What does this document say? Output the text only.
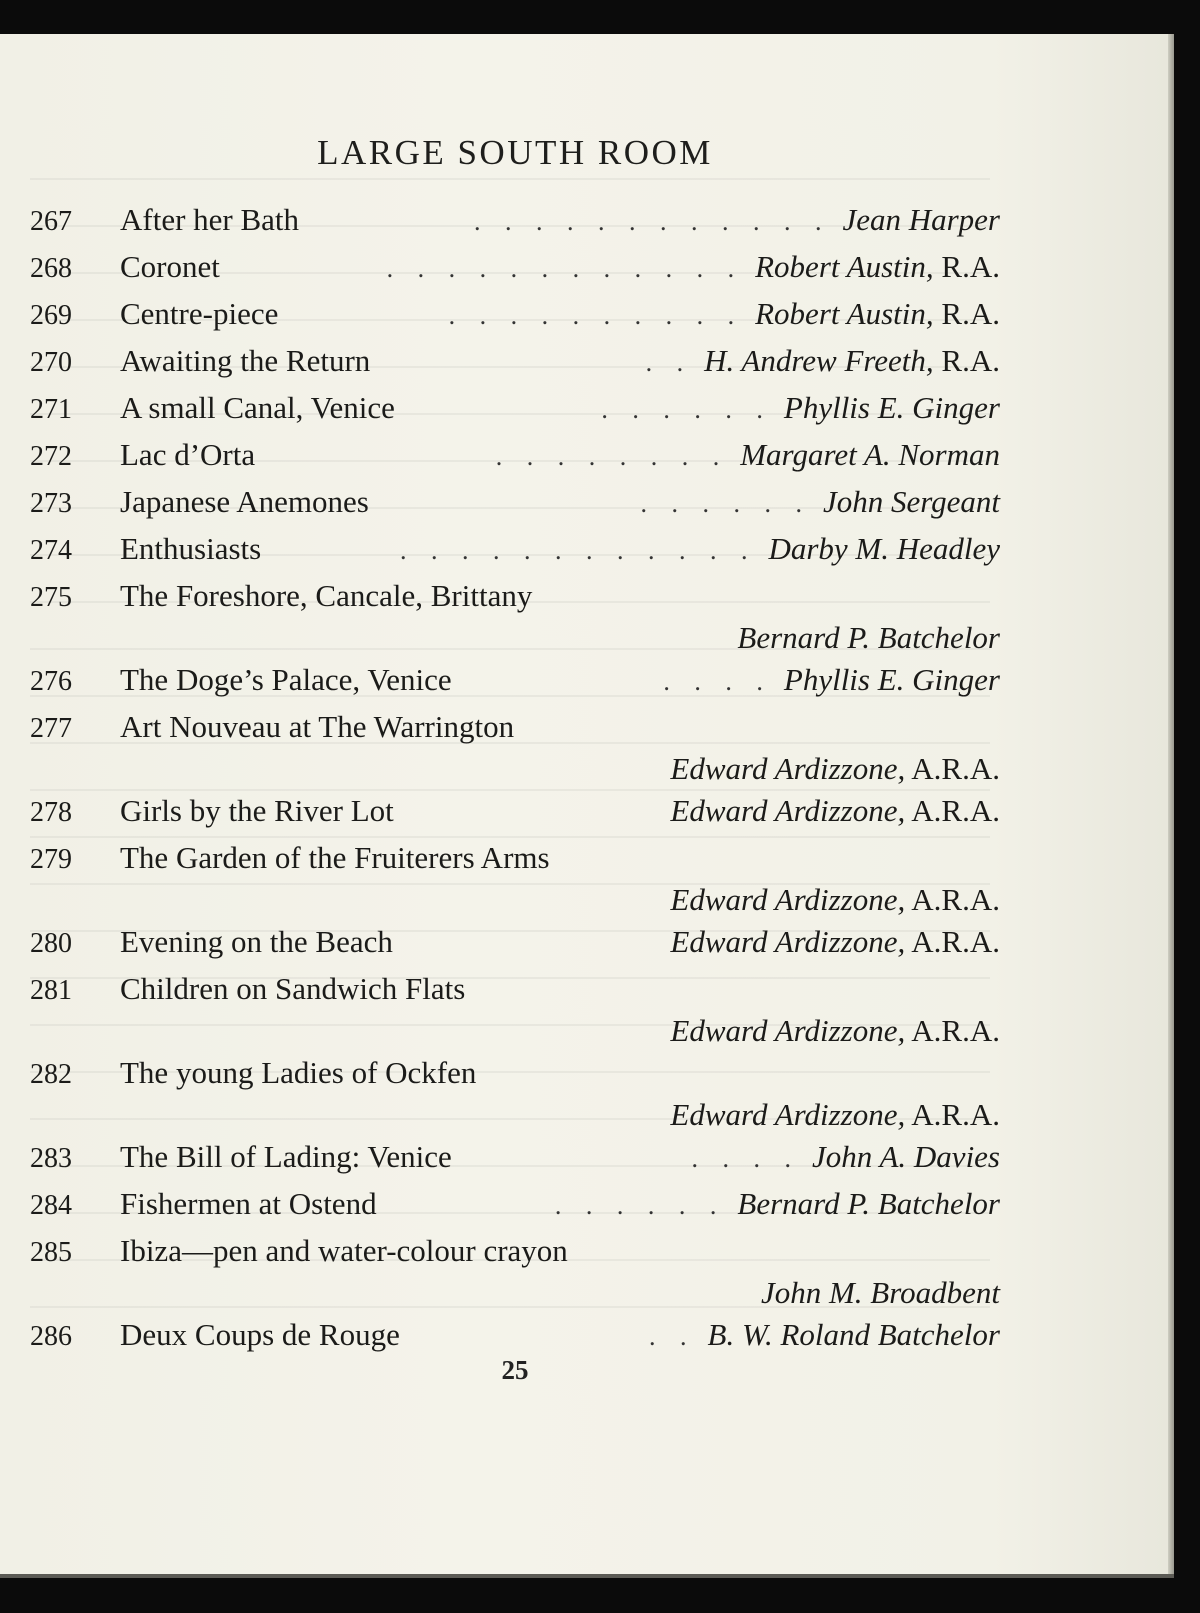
LARGE SOUTH ROOM
267	After her Bath	. . . . . . . . . . . . Jean Harper
268	Coronet	. . . . . . . . . . . . Robert Austin, R.A.
269	Centre-piece	. . . . . . . . . . Robert Austin, R.A.
270	Awaiting the Return	. . H. Andrew Freeth, R.A.
271	A small Canal, Venice	. . . . . . Phyllis E. Ginger
272	Lac d’Orta	. . . . . . . . Margaret A. Norman
273	Japanese Anemones	. . . . . . John Sergeant
274	Enthusiasts	. . . . . . . . . . . . Darby M. Headley
275	The Foreshore, Cancale, Brittany
Bernard P. Batchelor
276	The Doge’s Palace, Venice	. . . . Phyllis E. Ginger
277	Art Nouveau at The Warrington
Edward Ardizzone, A.R.A.
278	Girls by the River Lot	Edward Ardizzone, A.R.A.
279	The Garden of the Fruiterers Arms
Edward Ardizzone, A.R.A.
280	Evening on the Beach	Edward Ardizzone, A.R.A.
281	Children on Sandwich Flats
Edward Ardizzone, A.R.A.
282	The young Ladies of Ockfen
Edward Ardizzone, A.R.A.
283	The Bill of Lading: Venice	. . . . John A. Davies
284	Fishermen at Ostend	. . . . . . Bernard P. Batchelor
285	Ibiza—pen and water-colour crayon
John M. Broadbent
286	Deux Coups de Rouge	. . B. W. Roland Batchelor
25
